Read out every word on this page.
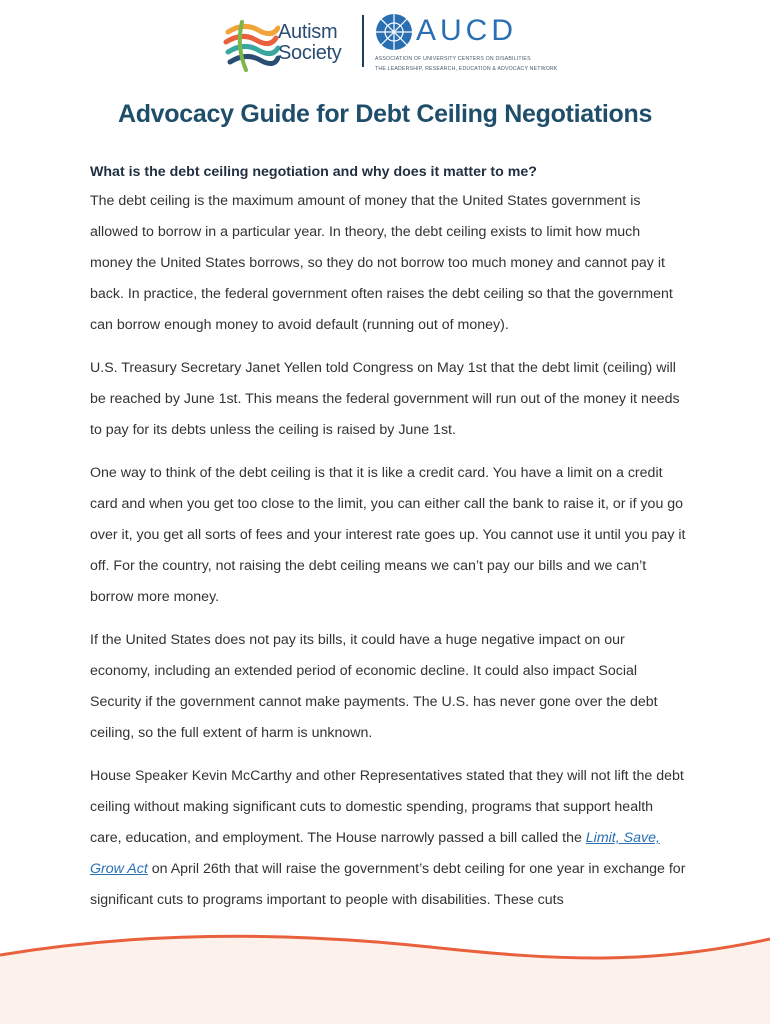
Autism
Society
AUCD
ASSOCIATION OF UNIVERSITY CENTERS ON DISABILITIES
THE LEADERSHIP, RESEARCH, EDUCATION & ADVOCACY NETWORK
Advocacy Guide for Debt Ceiling Negotiations
What is the debt ceiling negotiation and why does it matter to me?

The debt ceiling is the maximum amount of money that the United States government is allowed to borrow in a particular year. In theory, the debt ceiling exists to limit how much money the United States borrows, so they do not borrow too much money and cannot pay it back. In practice, the federal government often raises the debt ceiling so that the government can borrow enough money to avoid default (running out of money).

U.S. Treasury Secretary Janet Yellen told Congress on May 1st that the debt limit (ceiling) will be reached by June 1st. This means the federal government will run out of the money it needs to pay for its debts unless the ceiling is raised by June 1st.

One way to think of the debt ceiling is that it is like a credit card. You have a limit on a credit card and when you get too close to the limit, you can either call the bank to raise it, or if you go over it, you get all sorts of fees and your interest rate goes up. You cannot use it until you pay it off. For the country, not raising the debt ceiling means we can’t pay our bills and we can’t borrow more money.

If the United States does not pay its bills, it could have a huge negative impact on our economy, including an extended period of economic decline. It could also impact Social Security if the government cannot make payments. The U.S. has never gone over the debt ceiling, so the full extent of harm is unknown.

House Speaker Kevin McCarthy and other Representatives stated that they will not lift the debt ceiling without making significant cuts to domestic spending, programs that support health care, education, and employment. The House narrowly passed a bill called the Limit, Save, Grow Act on April 26th that will raise the government’s debt ceiling for one year in exchange for significant cuts to programs important to people with disabilities. These cuts
